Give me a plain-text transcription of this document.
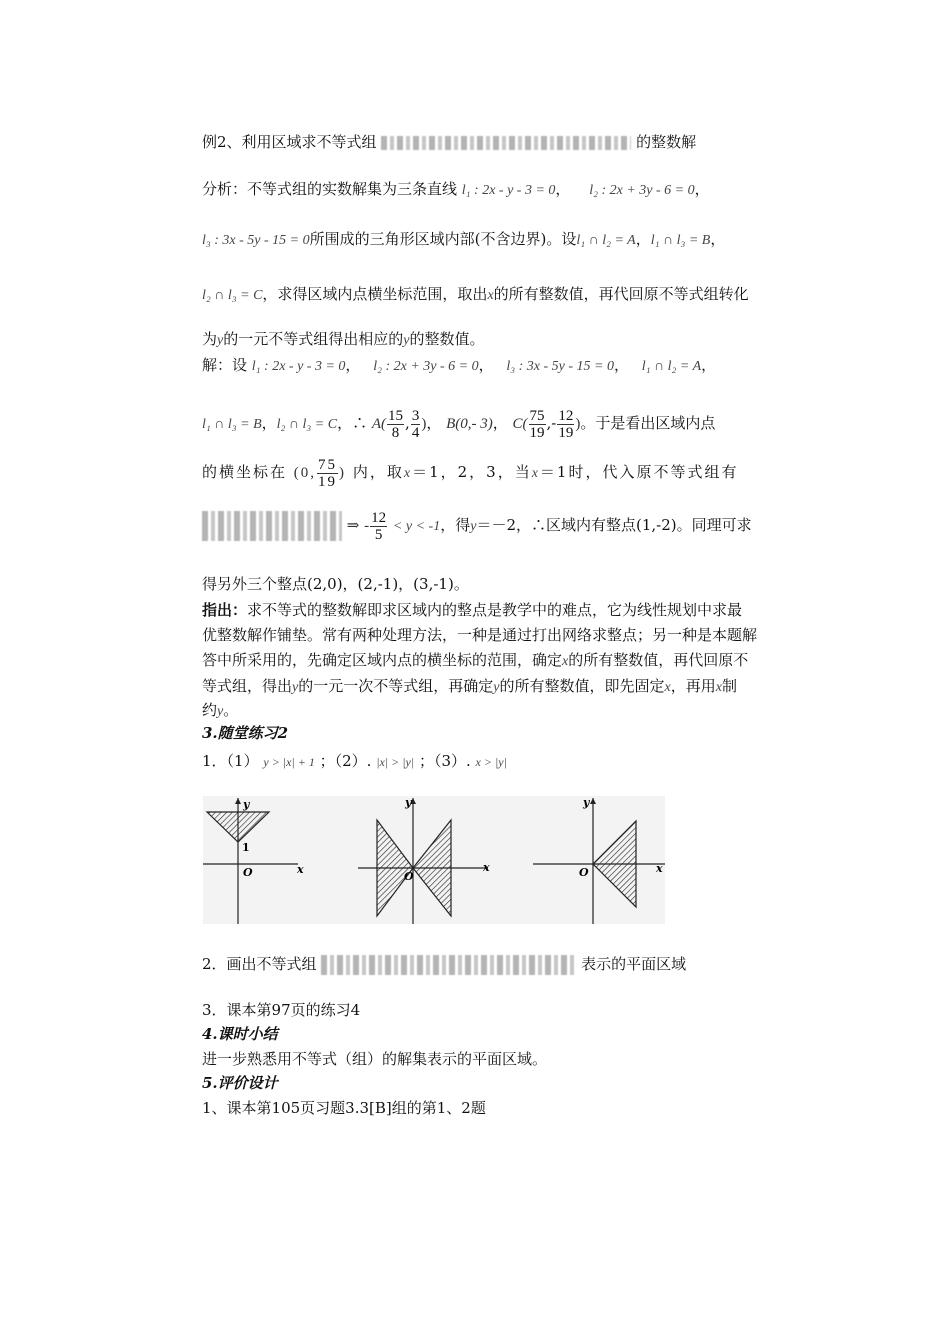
例2、利用区域求不等式组	的整数解
分析：不等式组的实数解集为三条直线 l₁ : 2x - y - 3 = 0， l₂ : 2x + 3y - 6 = 0，
l₃ : 3x - 5y - 15 = 0所围成的三角形区域内部(不含边界)。设l₁ ∩ l₂ = A，l₁ ∩ l₃ = B，
l₂ ∩ l₃ = C，求得区域内点横坐标范围，取出x的所有整数值，再代回原不等式组转化
为y的一元不等式组得出相应的y的整数值。
解：设 l₁ : 2x - y - 3 = 0， l₂ : 2x + 3y - 6 = 0， l₃ : 3x - 5y - 15 = 0， l₁ ∩ l₂ = A，
l₁ ∩ l₃ = B，l₂ ∩ l₃ = C，∴ $A( \frac{15}{8}$ , $\frac{3}{4}$ )， B(0,- 3)， $C( \frac{75}{19}$ ,- $\frac{12}{19}$ )。于是看出区域内点
的横坐标在 (0, $\frac{75}{19}$ ) 内，取x＝1，2，3，当x＝1时，代入原不等式组有
⇒ - $\frac{12}{5} < y < -1$，得y＝－2，∴区域内有整点(1,-2)。同理可求
得另外三个整点(2,0)，(2,-1)，(3,-1)。
指出：求不等式的整数解即求区域内的整点是教学中的难点，它为线性规划中求最
优整数解作铺垫。常有两种处理方法，一种是通过打出网络求整点；另一种是本题解
答中所采用的，先确定区域内点的横坐标的范围，确定x的所有整数值，再代回原不
等式组，得出y的一元一次不等式组，再确定y的所有整数值，即先固定x，再用x制
约y。
3.随堂练习2
1．（1） y > |x| + 1 ；（2）. |x| > |y| ；（3）. x > |y|
y
x
O
1
y
x
O
y
x
O
2．画出不等式组	表示的平面区域
3．课本第97页的练习4
4.课时小结
进一步熟悉用不等式（组）的解集表示的平面区域。
5.评价设计
1、课本第105页习题3.3[B]组的第1、2题
